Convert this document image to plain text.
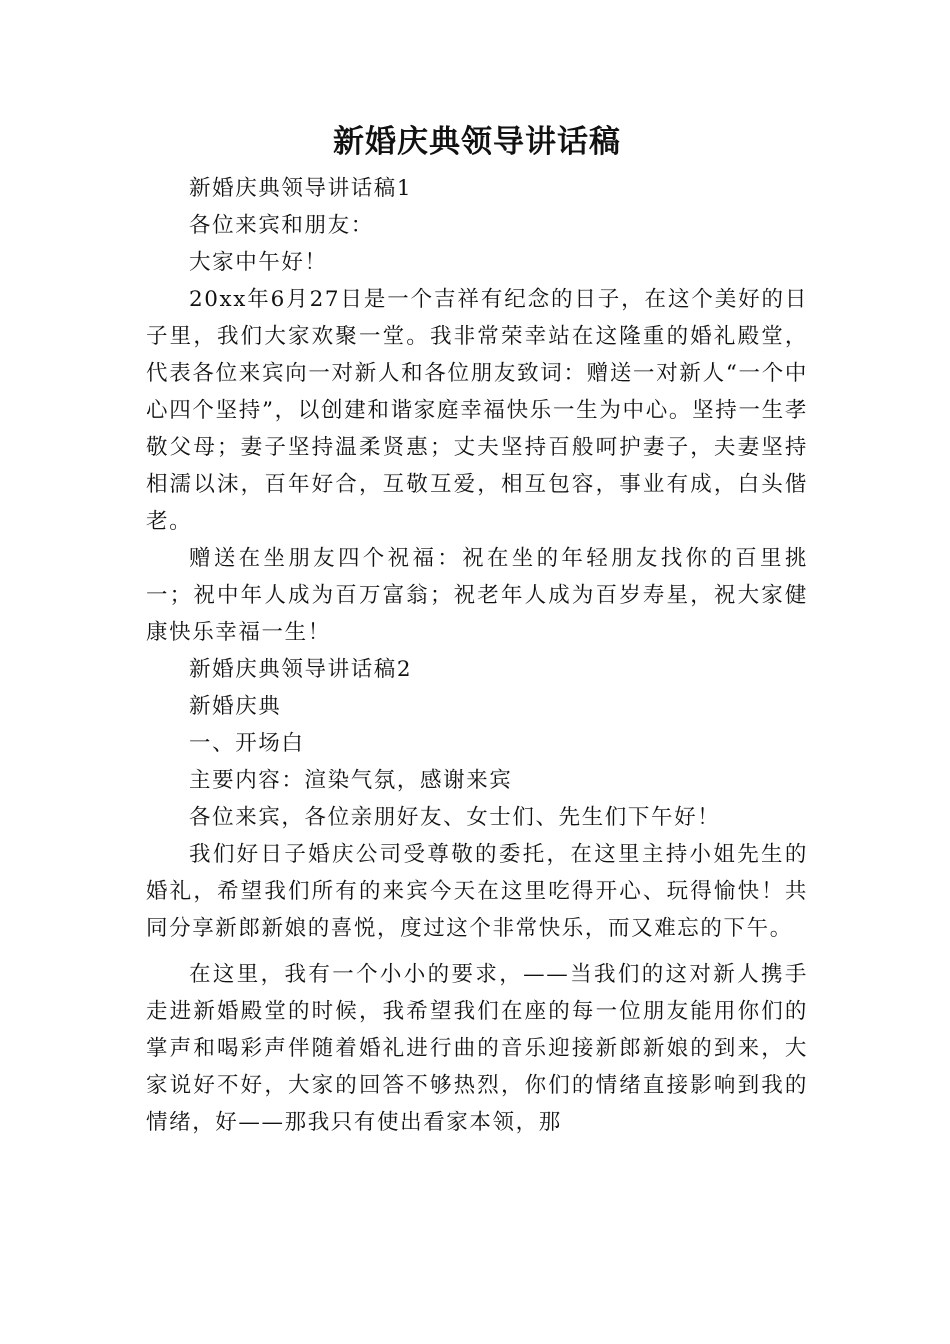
新婚庆典领导讲话稿

新婚庆典领导讲话稿1

各位来宾和朋友：

大家中午好！

20xx年6月27日是一个吉祥有纪念的日子，在这个美好的日子里，我们大家欢聚一堂。我非常荣幸站在这隆重的婚礼殿堂，代表各位来宾向一对新人和各位朋友致词：赠送一对新人“一个中心四个坚持”，以创建和谐家庭幸福快乐一生为中心。坚持一生孝敬父母；妻子坚持温柔贤惠；丈夫坚持百般呵护妻子，夫妻坚持相濡以沫，百年好合，互敬互爱，相互包容，事业有成，白头偕老。

赠送在坐朋友四个祝福：祝在坐的年轻朋友找你的百里挑一；祝中年人成为百万富翁；祝老年人成为百岁寿星，祝大家健康快乐幸福一生！

新婚庆典领导讲话稿2

新婚庆典

一、开场白

主要内容：渲染气氛，感谢来宾

各位来宾，各位亲朋好友、女士们、先生们下午好！

我们好日子婚庆公司受尊敬的委托，在这里主持小姐先生的婚礼，希望我们所有的来宾今天在这里吃得开心、玩得愉快！共同分享新郎新娘的喜悦，度过这个非常快乐，而又难忘的下午。

在这里，我有一个小小的要求，——当我们的这对新人携手走进新婚殿堂的时候，我希望我们在座的每一位朋友能用你们的掌声和喝彩声伴随着婚礼进行曲的音乐迎接新郎新娘的到来，大家说好不好，大家的回答不够热烈，你们的情绪直接影响到我的情绪，好——那我只有使出看家本领，那
